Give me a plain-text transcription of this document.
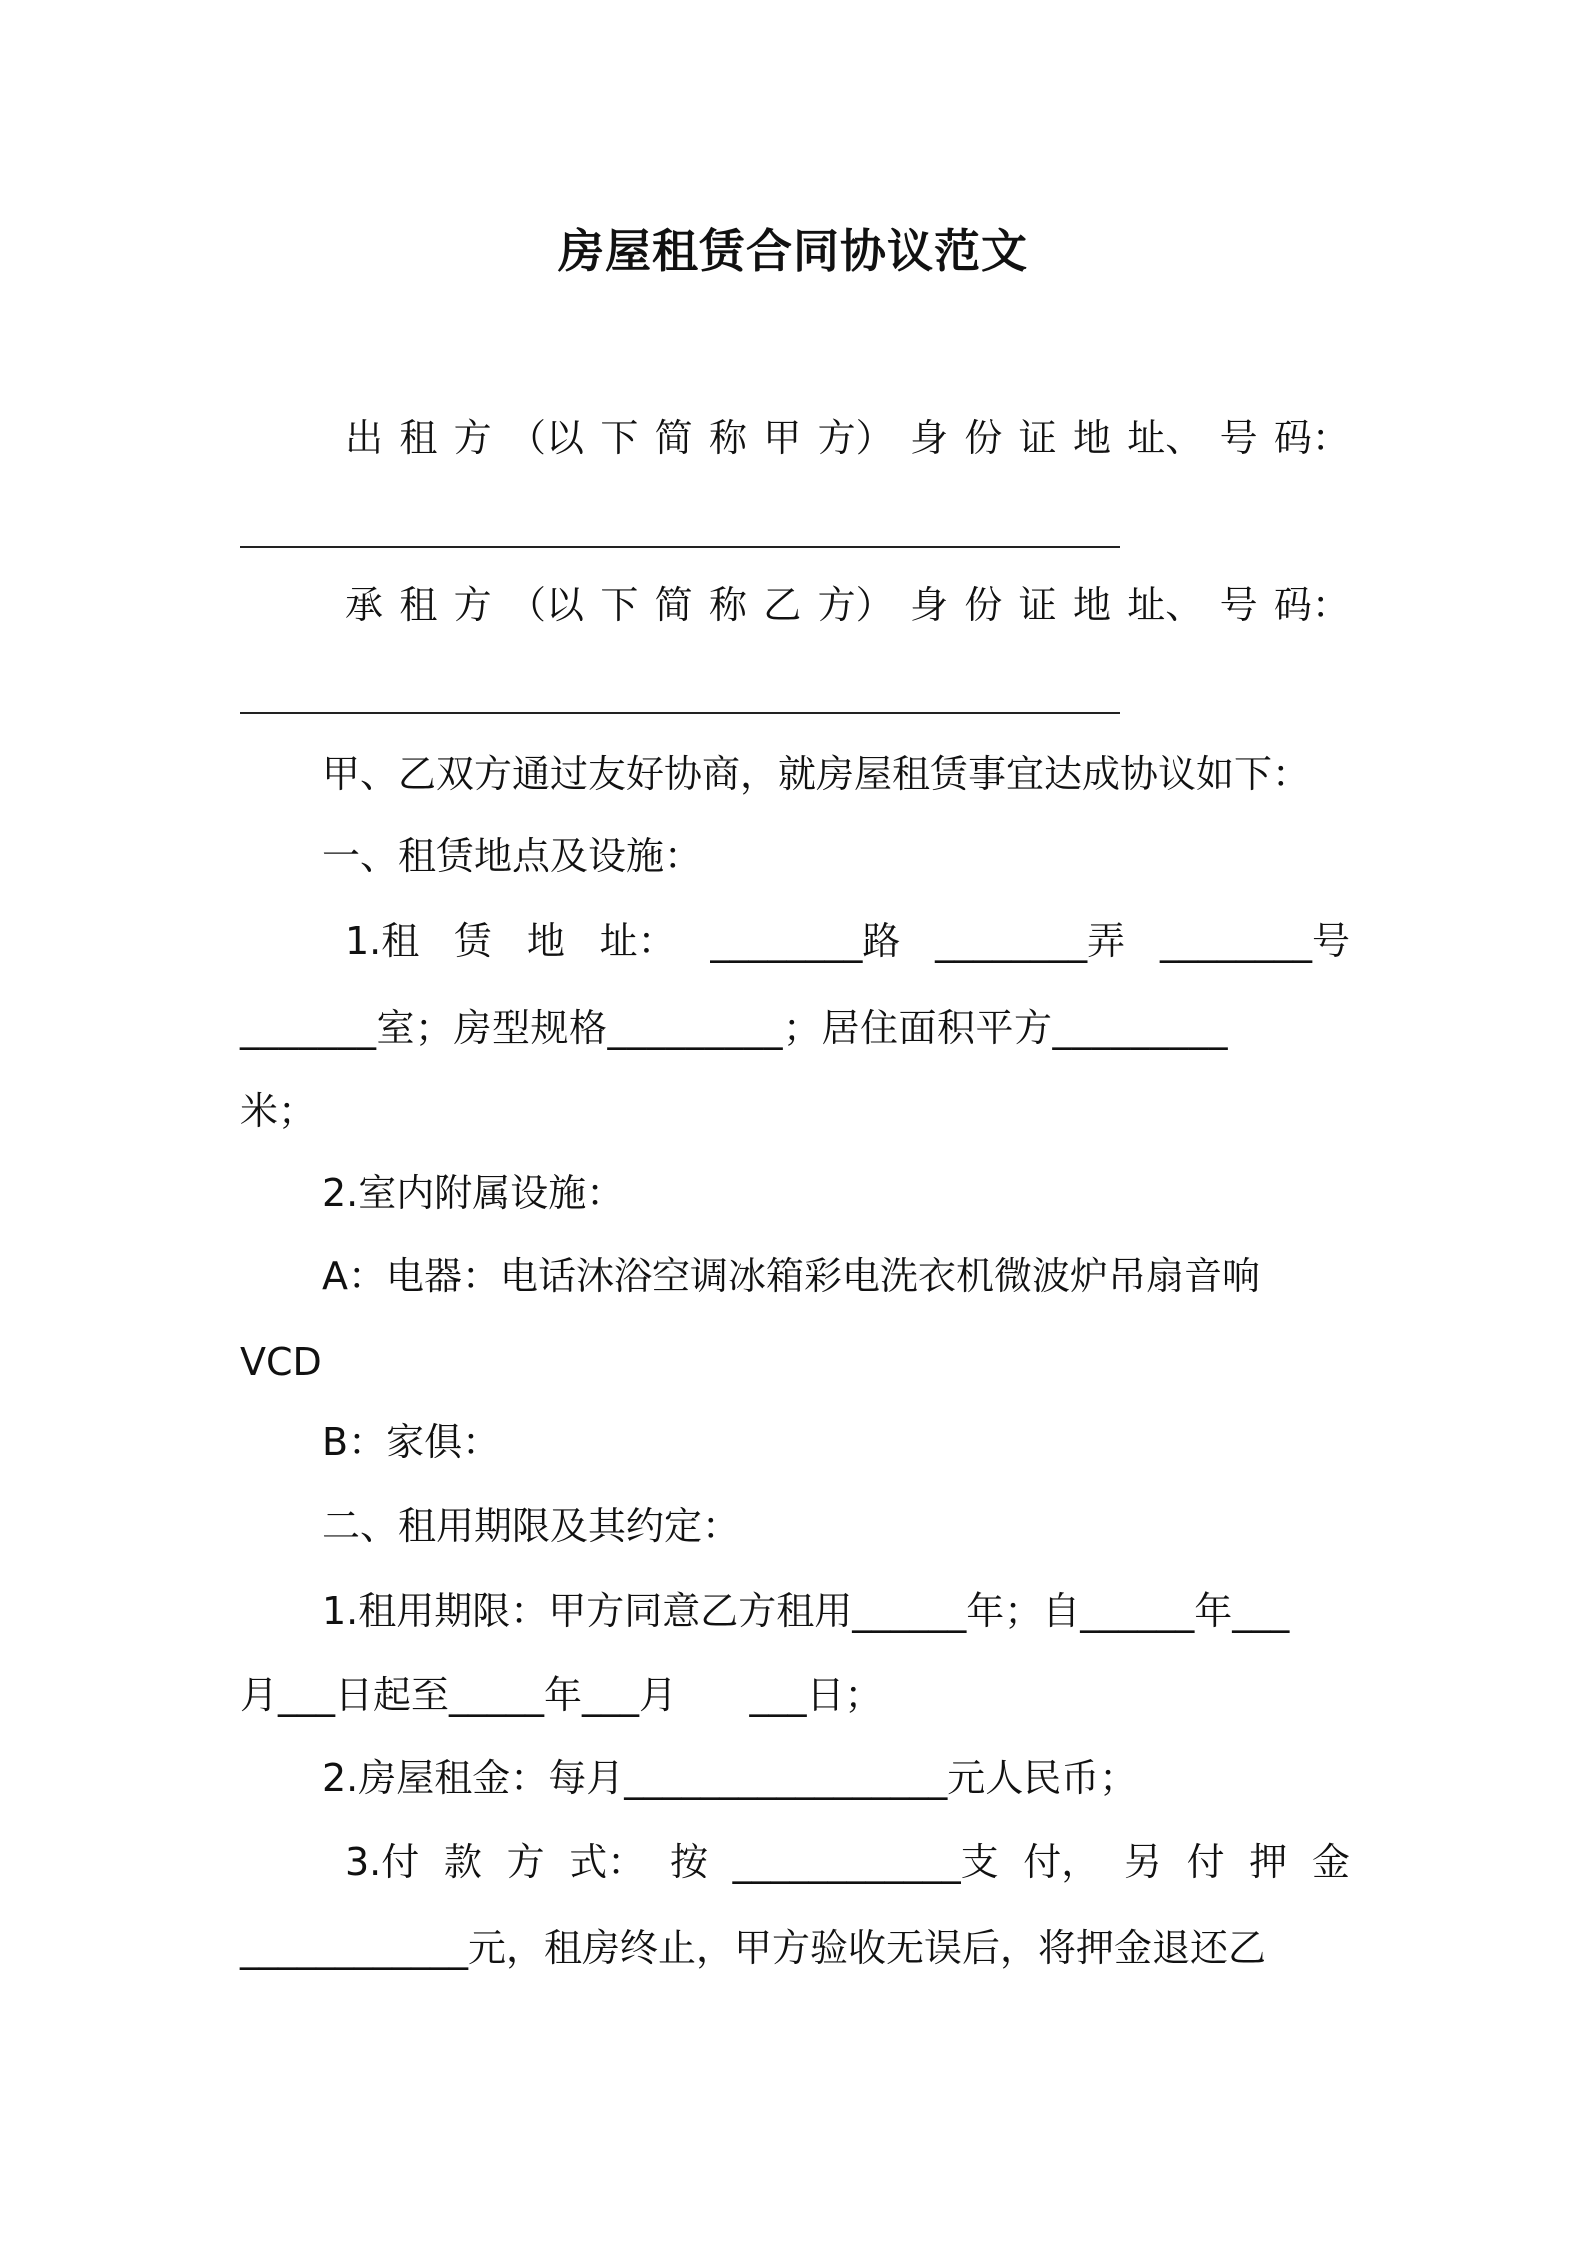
房屋租赁合同协议范文
出 租 方 （以 下 简 称 甲 方） 身 份 证 地 址、 号 码：
承 租 方 （以 下 简 称 乙 方） 身 份 证 地 址、 号 码：
甲、乙双方通过友好协商，就房屋租赁事宜达成协议如下：
一、租赁地点及设施：
1.租 赁 地 址： ________路 ________弄 ________号
_______室；房型规格_________；居住面积平方_________
米；
2.室内附属设施：
A：电器：电话沐浴空调冰箱彩电洗衣机微波炉吊扇音响
VCD
B：家俱：
二、租用期限及其约定：
1.租用期限：甲方同意乙方租用______年；自______年___
月___日起至_____年___月      ___日；
2.房屋租金：每月_________________元人民币；
3.付 款 方 式： 按 ____________支 付， 另 付 押 金
____________元，租房终止，甲方验收无误后，将押金退还乙
